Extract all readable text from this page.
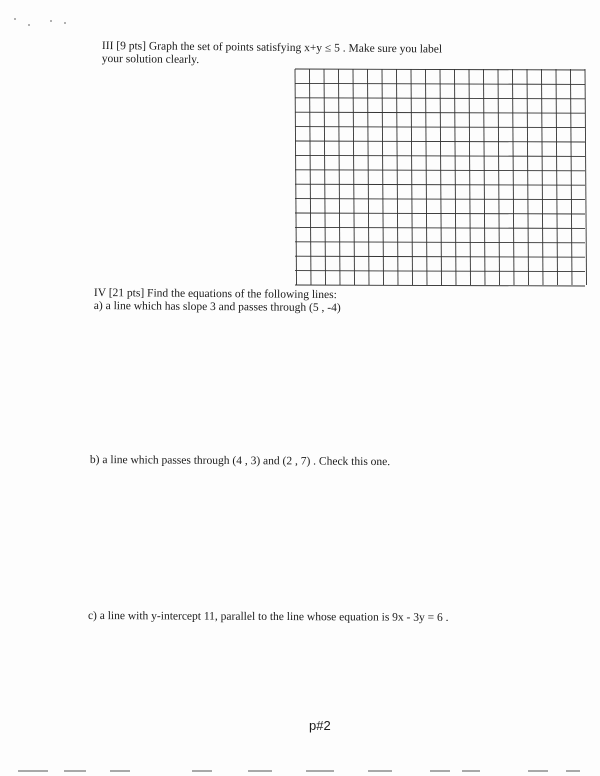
III [9 pts] Graph the set of points satisfying x+y ≤ 5 . Make sure you label
your solution clearly.
IV [21 pts] Find the equations of the following lines:
a) a line which has slope 3 and passes through (5 , -4)
b) a line which passes through (4 , 3) and (2 , 7) . Check this one.
c) a line with y-intercept 11, parallel to the line whose equation is 9x - 3y = 6 .
p#2
